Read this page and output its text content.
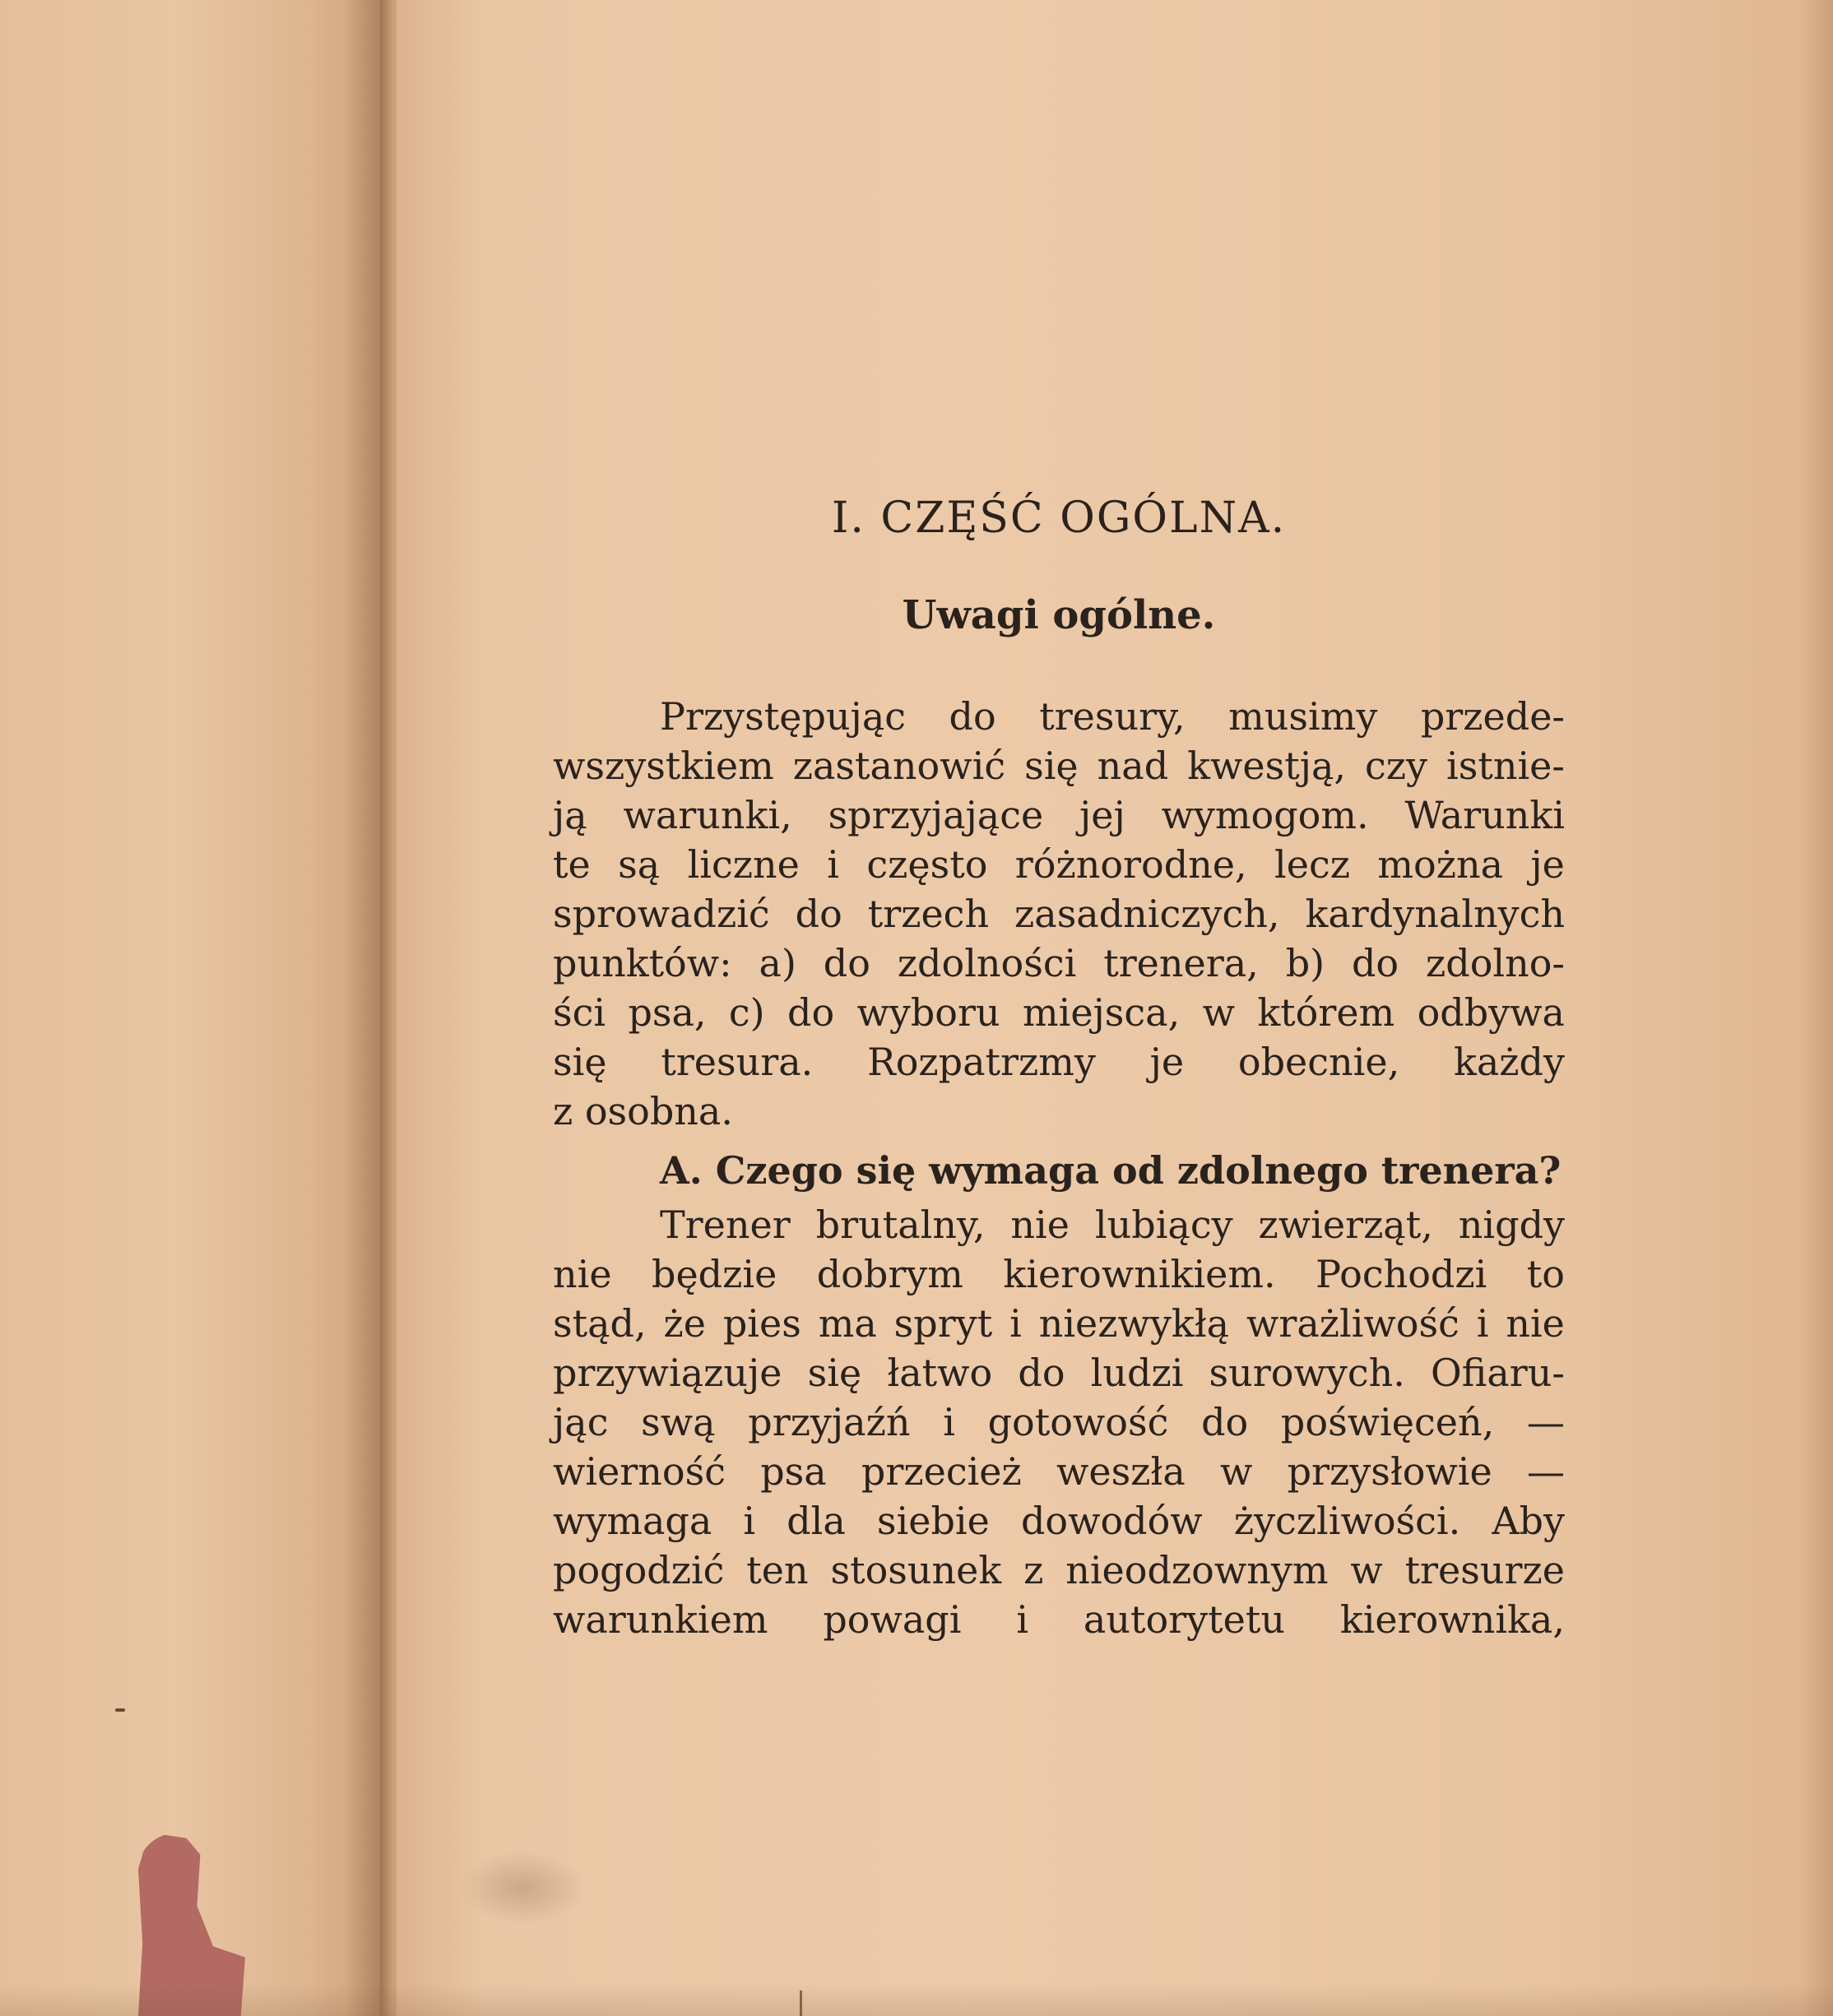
I. CZĘŚĆ OGÓLNA.
Uwagi ogólne.
Przystępując do tresury, musimy przede-
wszystkiem zastanowić się nad kwestją, czy istnie-
ją warunki, sprzyjające jej wymogom. Warunki
te są liczne i często różnorodne, lecz można je
sprowadzić do trzech zasadniczych, kardynalnych
punktów: a) do zdolności trenera, b) do zdolno-
ści psa, c) do wyboru miejsca, w którem odbywa
się tresura. Rozpatrzmy je obecnie, każdy
z osobna.
A. Czego się wymaga od zdolnego trenera?
Trener brutalny, nie lubiący zwierząt, nigdy
nie będzie dobrym kierownikiem. Pochodzi to
stąd, że pies ma spryt i niezwykłą wrażliwość i nie
przywiązuje się łatwo do ludzi surowych. Ofiaru-
jąc swą przyjaźń i gotowość do poświęceń, —
wierność psa przecież weszła w przysłowie —
wymaga i dla siebie dowodów życzliwości. Aby
pogodzić ten stosunek z nieodzownym w tresurze
warunkiem powagi i autorytetu kierownika,
